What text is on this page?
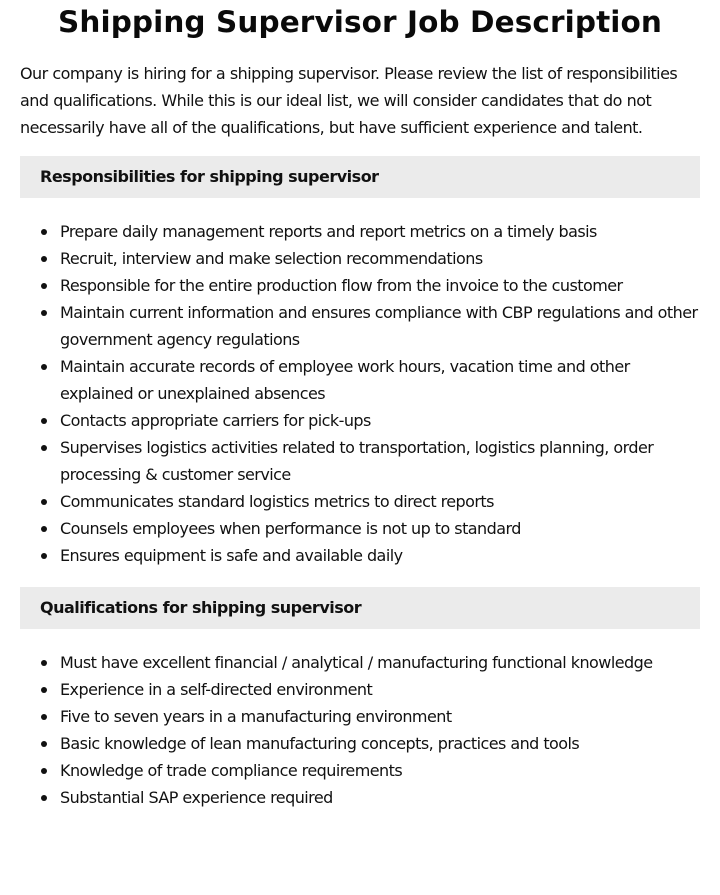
Shipping Supervisor Job Description

Our company is hiring for a shipping supervisor. Please review the list of responsibilities and qualifications. While this is our ideal list, we will consider candidates that do not necessarily have all of the qualifications, but have sufficient experience and talent.

Responsibilities for shipping supervisor
Prepare daily management reports and report metrics on a timely basis
Recruit, interview and make selection recommendations
Responsible for the entire production flow from the invoice to the customer
Maintain current information and ensures compliance with CBP regulations and other government agency regulations
Maintain accurate records of employee work hours, vacation time and other explained or unexplained absences
Contacts appropriate carriers for pick-ups
Supervises logistics activities related to transportation, logistics planning, order processing & customer service
Communicates standard logistics metrics to direct reports
Counsels employees when performance is not up to standard
Ensures equipment is safe and available daily
Qualifications for shipping supervisor
Must have excellent financial / analytical / manufacturing functional knowledge
Experience in a self-directed environment
Five to seven years in a manufacturing environment
Basic knowledge of lean manufacturing concepts, practices and tools
Knowledge of trade compliance requirements
Substantial SAP experience required
